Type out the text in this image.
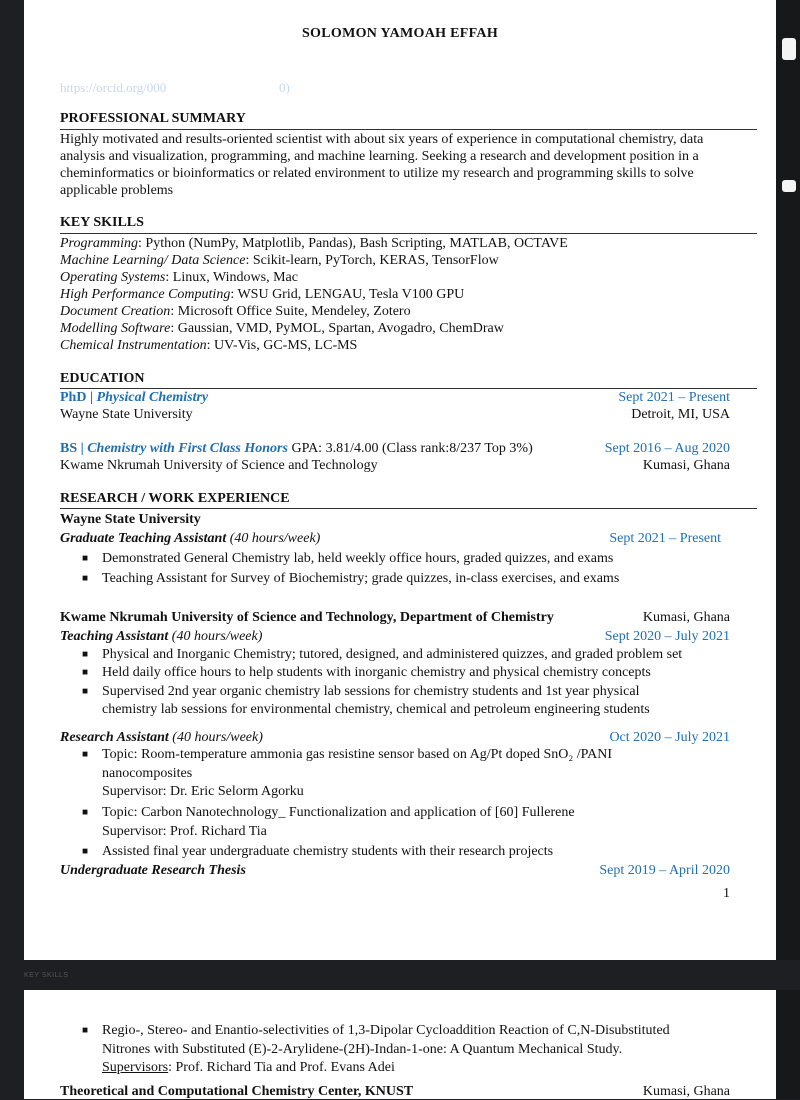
SOLOMON YAMOAH EFFAH
https://orcid.org/000	0)
PROFESSIONAL SUMMARY
Highly motivated and results-oriented scientist with about six years of experience in computational chemistry, data
analysis and visualization, programming, and machine learning. Seeking a research and development position in a
cheminformatics or bioinformatics or related environment to utilize my research and programming skills to solve
applicable problems
KEY SKILLS
Programming: Python (NumPy, Matplotlib, Pandas), Bash Scripting, MATLAB, OCTAVE
Machine Learning/ Data Science: Scikit-learn, PyTorch, KERAS, TensorFlow
Operating Systems: Linux, Windows, Mac
High Performance Computing: WSU Grid, LENGAU, Tesla V100 GPU
Document Creation: Microsoft Office Suite, Mendeley, Zotero
Modelling Software: Gaussian, VMD, PyMOL, Spartan, Avogadro, ChemDraw
Chemical Instrumentation: UV-Vis, GC-MS, LC-MS
EDUCATION
PhD | Physical Chemistry	Sept 2021 – Present
Wayne State University	Detroit, MI, USA
BS | Chemistry with First Class Honors GPA: 3.81/4.00 (Class rank:8/237 Top 3%)	Sept 2016 – Aug 2020
Kwame Nkrumah University of Science and Technology	Kumasi, Ghana
RESEARCH / WORK EXPERIENCE
Wayne State University
Graduate Teaching Assistant (40 hours/week)	Sept 2021 – Present
■ Demonstrated General Chemistry lab, held weekly office hours, graded quizzes, and exams
■ Teaching Assistant for Survey of Biochemistry; grade quizzes, in-class exercises, and exams
Kwame Nkrumah University of Science and Technology, Department of Chemistry	Kumasi, Ghana
Teaching Assistant (40 hours/week)	Sept 2020 – July 2021
■ Physical and Inorganic Chemistry; tutored, designed, and administered quizzes, and graded problem set
■ Held daily office hours to help students with inorganic chemistry and physical chemistry concepts
■ Supervised 2nd year organic chemistry lab sessions for chemistry students and 1st year physical
chemistry lab sessions for environmental chemistry, chemical and petroleum engineering students
Research Assistant (40 hours/week)	Oct 2020 – July 2021
■ Topic: Room-temperature ammonia gas resistine sensor based on Ag/Pt doped SnO₂ /PANI
nanocomposites
Supervisor: Dr. Eric Selorm Agorku
■ Topic: Carbon Nanotechnology_ Functionalization and application of [60] Fullerene
Supervisor: Prof. Richard Tia
■ Assisted final year undergraduate chemistry students with their research projects
Undergraduate Research Thesis	Sept 2019 – April 2020
1
KEY SKILLS
■ Regio-, Stereo- and Enantio-selectivities of 1,3-Dipolar Cycloaddition Reaction of C,N-Disubstituted
Nitrones with Substituted (E)-2-Arylidene-(2H)-Indan-1-one: A Quantum Mechanical Study.
Supervisors: Prof. Richard Tia and Prof. Evans Adei
Theoretical and Computational Chemistry Center, KNUST	Kumasi, Ghana
